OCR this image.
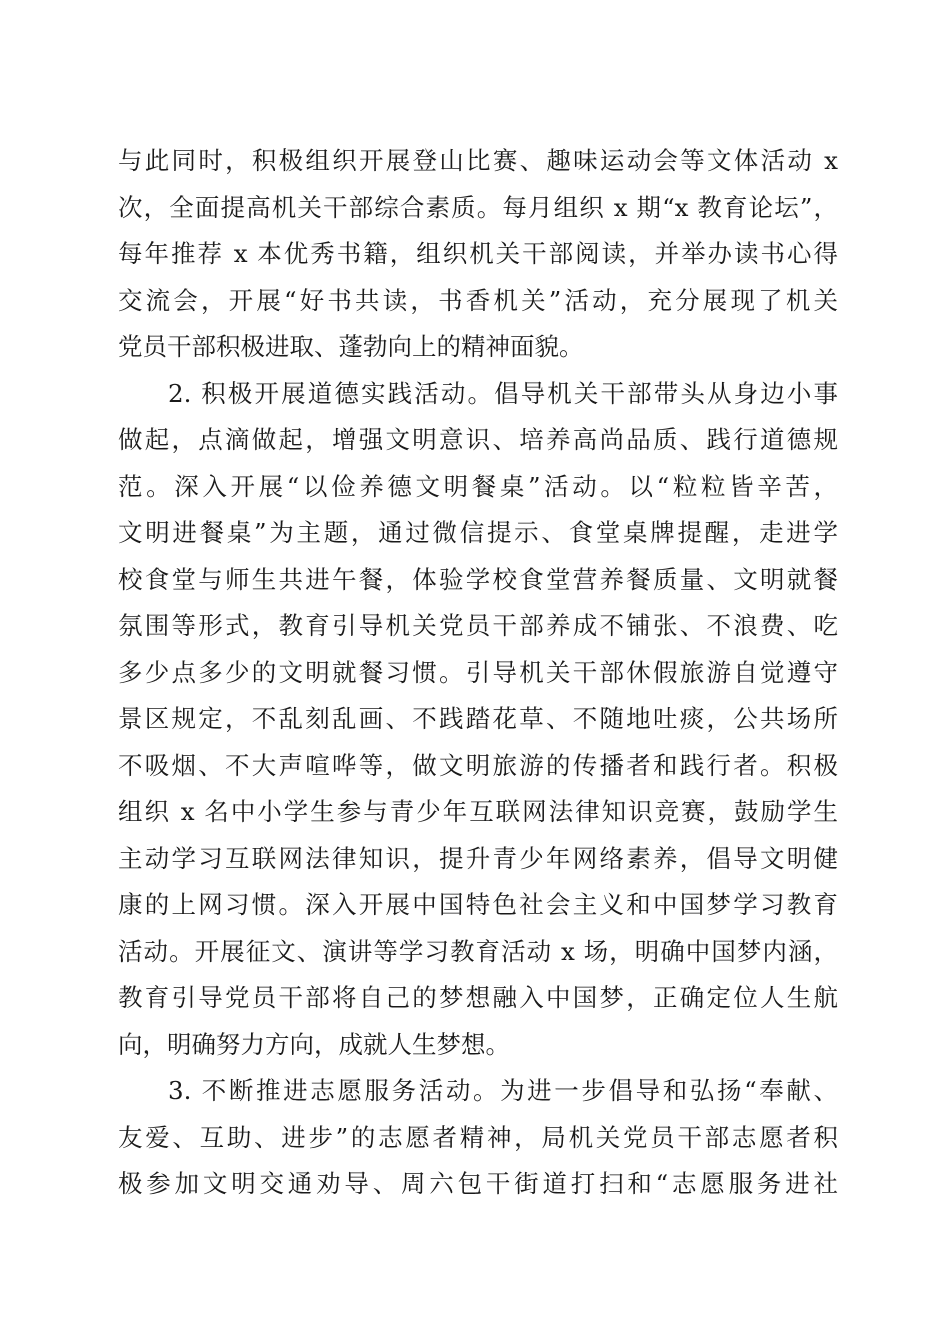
与此同时，积极组织开展登山比赛、趣味运动会等文体活动 x
次，全面提高机关干部综合素质。每月组织 x 期“x 教育论坛”，
每年推荐 x 本优秀书籍，组织机关干部阅读，并举办读书心得
交流会，开展“好书共读，书香机关”活动，充分展现了机关
党员干部积极进取、蓬勃向上的精神面貌。
2. 积极开展道德实践活动。倡导机关干部带头从身边小事
做起，点滴做起，增强文明意识、培养高尚品质、践行道德规
范。深入开展“以俭养德文明餐桌”活动。以“粒粒皆辛苦，
文明进餐桌”为主题，通过微信提示、食堂桌牌提醒，走进学
校食堂与师生共进午餐，体验学校食堂营养餐质量、文明就餐
氛围等形式，教育引导机关党员干部养成不铺张、不浪费、吃
多少点多少的文明就餐习惯。引导机关干部休假旅游自觉遵守
景区规定，不乱刻乱画、不践踏花草、不随地吐痰，公共场所
不吸烟、不大声喧哗等，做文明旅游的传播者和践行者。积极
组织 x 名中小学生参与青少年互联网法律知识竞赛，鼓励学生
主动学习互联网法律知识，提升青少年网络素养，倡导文明健
康的上网习惯。深入开展中国特色社会主义和中国梦学习教育
活动。开展征文、演讲等学习教育活动 x 场，明确中国梦内涵，
教育引导党员干部将自己的梦想融入中国梦，正确定位人生航
向，明确努力方向，成就人生梦想。
3. 不断推进志愿服务活动。为进一步倡导和弘扬“奉献、
友爱、互助、进步”的志愿者精神，局机关党员干部志愿者积
极参加文明交通劝导、周六包干街道打扫和“志愿服务进社
